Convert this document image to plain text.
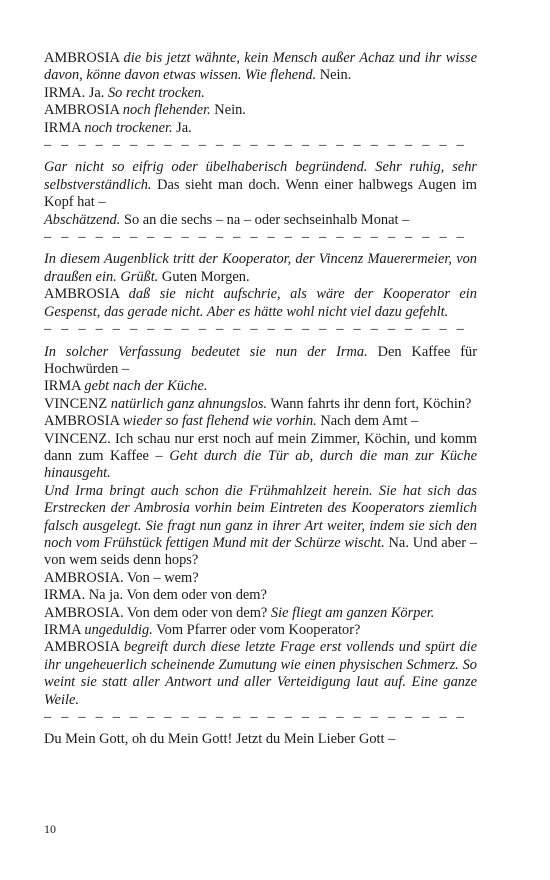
AMBROSIA die bis jetzt wähnte, kein Mensch außer Achaz und ihr wisse davon, könne davon etwas wissen. Wie flehend. Nein.

IRMA. Ja. So recht trocken.

AMBROSIA noch flehender. Nein.

IRMA noch trockener. Ja.

– – – – – – – – – – – – – – – – – – – – – – – – –

Gar nicht so eifrig oder übelhaberisch begründend. Sehr ruhig, sehr selbstverständlich. Das sieht man doch. Wenn einer halbwegs Augen im Kopf hat –

Abschätzend. So an die sechs – na – oder sechseinhalb Monat –

– – – – – – – – – – – – – – – – – – – – – – – – –

In diesem Augenblick tritt der Kooperator, der Vincenz Mauerermeier, von draußen ein. Grüßt. Guten Morgen.

AMBROSIA daß sie nicht aufschrie, als wäre der Kooperator ein Gespenst, das gerade nicht. Aber es hätte wohl nicht viel dazu gefehlt.

– – – – – – – – – – – – – – – – – – – – – – – – –

In solcher Verfassung bedeutet sie nun der Irma. Den Kaffee für Hochwürden –

IRMA gebt nach der Küche.

VINCENZ natürlich ganz ahnungslos. Wann fahrts ihr denn fort, Köchin?

AMBROSIA wieder so fast flehend wie vorhin. Nach dem Amt –

VINCENZ. Ich schau nur erst noch auf mein Zimmer, Köchin, und komm dann zum Kaffee – Geht durch die Tür ab, durch die man zur Küche hinausgeht.

Und Irma bringt auch schon die Frühmahlzeit herein. Sie hat sich das Erstrecken der Ambrosia vorhin beim Eintreten des Kooperators ziemlich falsch ausgelegt. Sie fragt nun ganz in ihrer Art weiter, indem sie sich den noch vom Frühstück fettigen Mund mit der Schürze wischt. Na. Und aber – von wem seids denn hops?

AMBROSIA. Von – wem?

IRMA. Na ja. Von dem oder von dem?

AMBROSIA. Von dem oder von dem? Sie fliegt am ganzen Körper.

IRMA ungeduldig. Vom Pfarrer oder vom Kooperator?

AMBROSIA begreift durch diese letzte Frage erst vollends und spürt die ihr ungeheuerlich scheinende Zumutung wie einen physischen Schmerz. So weint sie statt aller Antwort und aller Verteidigung laut auf. Eine ganze Weile.

– – – – – – – – – – – – – – – – – – – – – – – – –

Du Mein Gott, oh du Mein Gott! Jetzt du Mein Lieber Gott –

10
